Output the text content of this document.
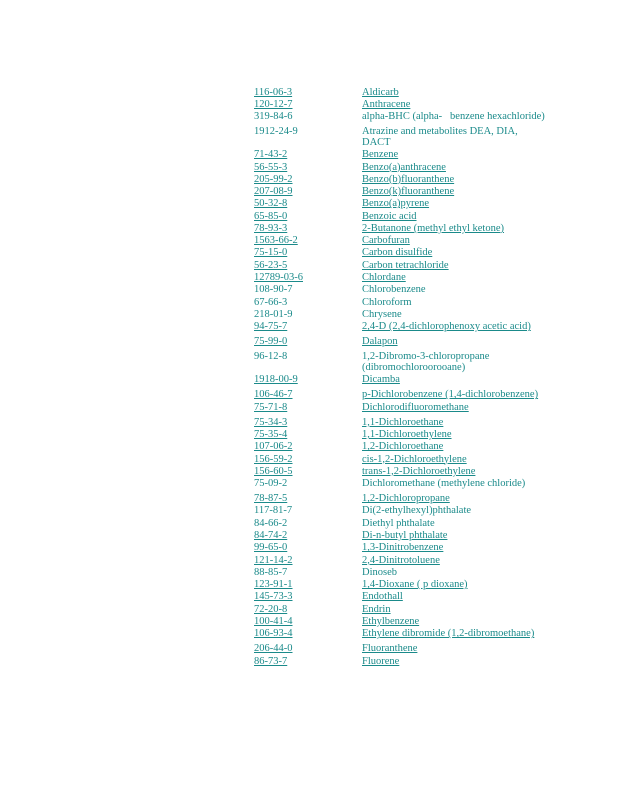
116-06-3	Aldicarb
120-12-7	Anthracene
319-84-6	alpha-BHC (alpha-   benzene hexachloride)
1912-24-9	Atrazine and metabolites DEA, DIA, DACT
71-43-2	Benzene
56-55-3	Benzo(a)anthracene
205-99-2	Benzo(b)fluoranthene
207-08-9	Benzo(k)fluoranthene
50-32-8	Benzo(a)pyrene
65-85-0	Benzoic acid
78-93-3	2-Butanone (methyl ethyl ketone)
1563-66-2	Carbofuran
75-15-0	Carbon disulfide
56-23-5	Carbon tetrachloride
12789-03-6	Chlordane
108-90-7	Chlorobenzene
67-66-3	Chloroform
218-01-9	Chrysene
94-75-7	2,4-D (2,4-dichlorophenoxy acetic acid)
75-99-0	Dalapon
96-12-8	1,2-Dibromo-3-chloropropane (dibromochloroorooane)
1918-00-9	Dicamba
106-46-7	p-Dichlorobenzene (1,4-dichlorobenzene)
75-71-8	Dichlorodifluoromethane
75-34-3	1,1-Dichloroethane
75-35-4	1,1-Dichloroethylene
107-06-2	1,2-Dichloroethane
156-59-2	cis-1,2-Dichloroethylene
156-60-5	trans-1,2-Dichloroethylene
75-09-2	Dichloromethane (methylene chloride)
78-87-5	1,2-Dichloropropane
117-81-7	Di(2-ethylhexyl)phthalate
84-66-2	Diethyl phthalate
84-74-2	Di-n-butyl phthalate
99-65-0	1,3-Dinitrobenzene
121-14-2	2,4-Dinitrotoluene
88-85-7	Dinoseb
123-91-1	1,4-Dioxane ( p dioxane)
145-73-3	Endothall
72-20-8	Endrin
100-41-4	Ethylbenzene
106-93-4	Ethylene dibromide (1,2-dibromoethane)
206-44-0	Fluoranthene
86-73-7	Fluorene
